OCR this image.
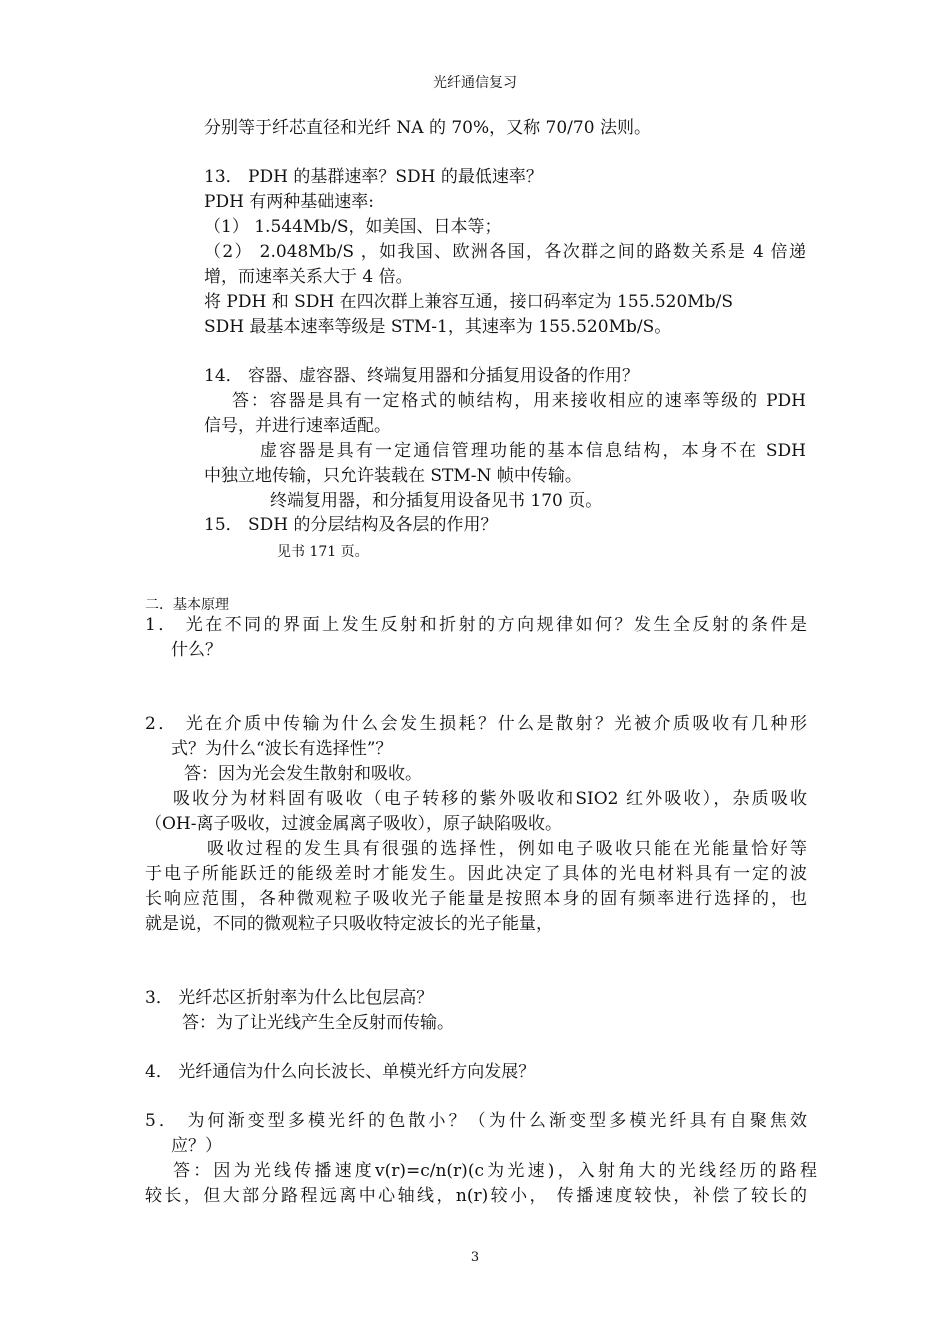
光纤通信复习
分别等于纤芯直径和光纤 NA 的 70%，又称 70/70 法则。
13． PDH 的基群速率？SDH 的最低速率？
PDH 有两种基础速率:
（1） 1.544Mb/S，如美国、日本等；
（2） 2.048Mb/S ，如我国、欧洲各国，各次群之间的路数关系是 4 倍递
增，而速率关系大于 4 倍。
将 PDH 和 SDH 在四次群上兼容互通，接口码率定为 155.520Mb/S
SDH 最基本速率等级是 STM-1，其速率为 155.520Mb/S。
14． 容器、虚容器、终端复用器和分插复用设备的作用？
答：容器是具有一定格式的帧结构，用来接收相应的速率等级的 PDH
信号，并进行速率适配。
虚容器是具有一定通信管理功能的基本信息结构，本身不在 SDH
中独立地传输，只允许装载在 STM-N 帧中传输。
终端复用器，和分插复用设备见书 170 页。
15． SDH 的分层结构及各层的作用？
见书 171 页。
二．基本原理
1． 光在不同的界面上发生反射和折射的方向规律如何？发生全反射的条件是
什么？
2． 光在介质中传输为什么会发生损耗？什么是散射？光被介质吸收有几种形
式？为什么“波长有选择性”？
答：因为光会发生散射和吸收。
吸收分为材料固有吸收（电子转移的紫外吸收和SIO2 红外吸收），杂质吸收
（OH-离子吸收，过渡金属离子吸收），原子缺陷吸收。
吸收过程的发生具有很强的选择性，例如电子吸收只能在光能量恰好等
于电子所能跃迁的能级差时才能发生。因此决定了具体的光电材料具有一定的波
长响应范围，各种微观粒子吸收光子能量是按照本身的固有频率进行选择的，也
就是说，不同的微观粒子只吸收特定波长的光子能量，
3． 光纤芯区折射率为什么比包层高？
答：为了让光线产生全反射而传输。
4． 光纤通信为什么向长波长、单模光纤方向发展？
5． 为何渐变型多模光纤的色散小？（为什么渐变型多模光纤具有自聚焦效
应？）
答：因为光线传播速度v(r)=c/n(r)(c为光速)，入射角大的光线经历的路程
较长，但大部分路程远离中心轴线，n(r)较小， 传播速度较快，补偿了较长的
3
